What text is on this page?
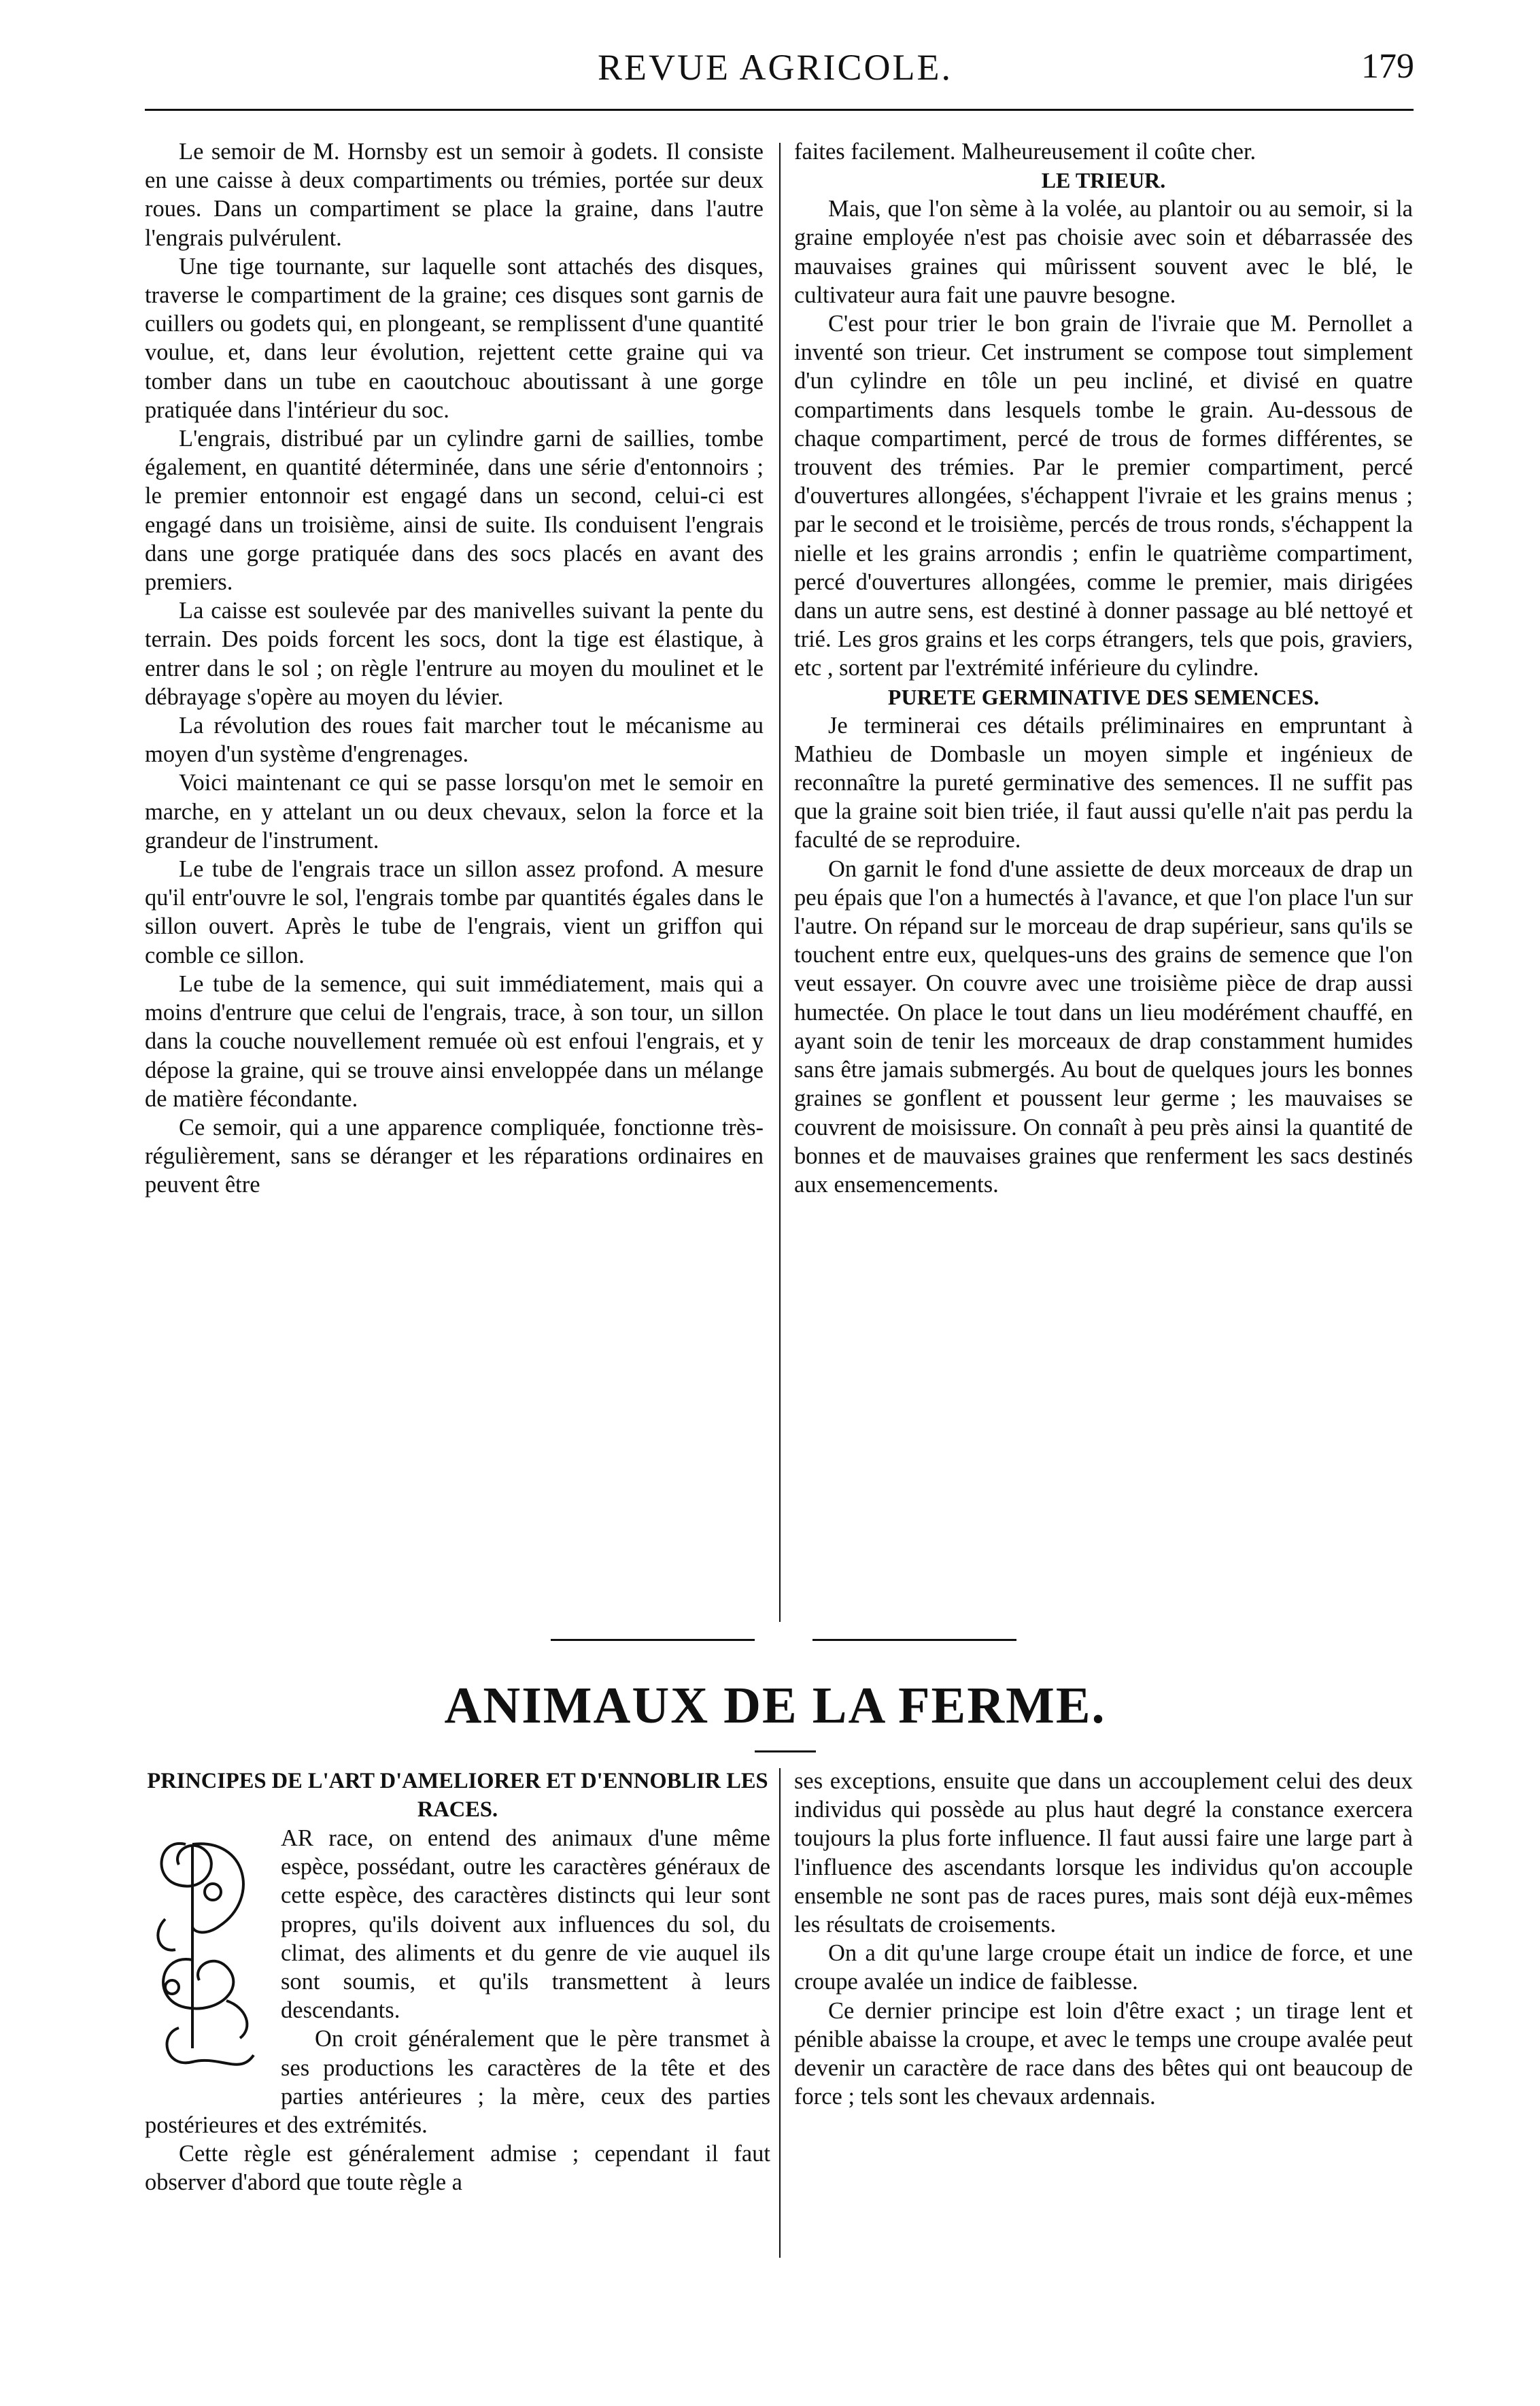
REVUE AGRICOLE.	179

Le semoir de M. Hornsby est un semoir à godets. Il consiste en une caisse à deux compartiments ou trémies, portée sur deux roues. Dans un compartiment se place la graine, dans l'autre l'engrais pulvérulent.

Une tige tournante, sur laquelle sont attachés des disques, traverse le compartiment de la graine; ces disques sont garnis de cuillers ou godets qui, en plongeant, se remplissent d'une quantité voulue, et, dans leur évolution, rejettent cette graine qui va tomber dans un tube en caoutchouc aboutissant à une gorge pratiquée dans l'intérieur du soc.

L'engrais, distribué par un cylindre garni de saillies, tombe également, en quantité déterminée, dans une série d'entonnoirs ; le premier entonnoir est engagé dans un second, celui-ci est engagé dans un troisième, ainsi de suite. Ils conduisent l'engrais dans une gorge pratiquée dans des socs placés en avant des premiers.

La caisse est soulevée par des manivelles suivant la pente du terrain. Des poids forcent les socs, dont la tige est élastique, à entrer dans le sol ; on règle l'entrure au moyen du moulinet et le débrayage s'opère au moyen du lévier.

La révolution des roues fait marcher tout le mécanisme au moyen d'un système d'engrenages.

Voici maintenant ce qui se passe lorsqu'on met le semoir en marche, en y attelant un ou deux chevaux, selon la force et la grandeur de l'instrument.

Le tube de l'engrais trace un sillon assez profond. A mesure qu'il entr'ouvre le sol, l'engrais tombe par quantités égales dans le sillon ouvert. Après le tube de l'engrais, vient un griffon qui comble ce sillon.

Le tube de la semence, qui suit immédiatement, mais qui a moins d'entrure que celui de l'engrais, trace, à son tour, un sillon dans la couche nouvellement remuée où est enfoui l'engrais, et y dépose la graine, qui se trouve ainsi enveloppée dans un mélange de matière fécondante.

Ce semoir, qui a une apparence compliquée, fonctionne très-régulièrement, sans se déranger et les réparations ordinaires en peuvent être

faites facilement. Malheureusement il coûte cher.

LE TRIEUR.

Mais, que l'on sème à la volée, au plantoir ou au semoir, si la graine employée n'est pas choisie avec soin et débarrassée des mauvaises graines qui mûrissent souvent avec le blé, le cultivateur aura fait une pauvre besogne.

C'est pour trier le bon grain de l'ivraie que M. Pernollet a inventé son trieur. Cet instrument se compose tout simplement d'un cylindre en tôle un peu incliné, et divisé en quatre compartiments dans lesquels tombe le grain. Au-dessous de chaque compartiment, percé de trous de formes différentes, se trouvent des trémies. Par le premier compartiment, percé d'ouvertures allongées, s'échappent l'ivraie et les grains menus ; par le second et le troisième, percés de trous ronds, s'échappent la nielle et les grains arrondis ; enfin le quatrième compartiment, percé d'ouvertures allongées, comme le premier, mais dirigées dans un autre sens, est destiné à donner passage au blé nettoyé et trié. Les gros grains et les corps étrangers, tels que pois, graviers, etc , sortent par l'extrémité inférieure du cylindre.

PURETE GERMINATIVE DES SEMENCES.

Je terminerai ces détails préliminaires en empruntant à Mathieu de Dombasle un moyen simple et ingénieux de reconnaître la pureté germinative des semences. Il ne suffit pas que la graine soit bien triée, il faut aussi qu'elle n'ait pas perdu la faculté de se reproduire.

On garnit le fond d'une assiette de deux morceaux de drap un peu épais que l'on a humectés à l'avance, et que l'on place l'un sur l'autre. On répand sur le morceau de drap supérieur, sans qu'ils se touchent entre eux, quelques-uns des grains de semence que l'on veut essayer. On couvre avec une troisième pièce de drap aussi humectée. On place le tout dans un lieu modérément chauffé, en ayant soin de tenir les morceaux de drap constamment humides sans être jamais submergés. Au bout de quelques jours les bonnes graines se gonflent et poussent leur germe ; les mauvaises se couvrent de moisissure. On connaît à peu près ainsi la quantité de bonnes et de mauvaises graines que renferment les sacs destinés aux ensemencements.

ANIMAUX DE LA FERME.
PRINCIPES DE L'ART D'AMELIORER ET D'ENNOBLIR LES RACES.

AR race, on entend des animaux d'une même espèce, possédant, outre les caractères généraux de cette espèce, des caractères distincts qui leur sont propres, qu'ils doivent aux influences du sol, du climat, des aliments et du genre de vie auquel ils sont soumis, et qu'ils transmettent à leurs descendants.

On croit généralement que le père transmet à ses productions les caractères de la tête et des parties antérieures ; la mère, ceux des parties postérieures et des extrémités.

Cette règle est généralement admise ; cependant il faut observer d'abord que toute règle a

ses exceptions, ensuite que dans un accouplement celui des deux individus qui possède au plus haut degré la constance exercera toujours la plus forte influence. Il faut aussi faire une large part à l'influence des ascendants lorsque les individus qu'on accouple ensemble ne sont pas de races pures, mais sont déjà eux-mêmes les résultats de croisements.

On a dit qu'une large croupe était un indice de force, et une croupe avalée un indice de faiblesse.

Ce dernier principe est loin d'être exact ; un tirage lent et pénible abaisse la croupe, et avec le temps une croupe avalée peut devenir un caractère de race dans des bêtes qui ont beaucoup de force ; tels sont les chevaux ardennais.
